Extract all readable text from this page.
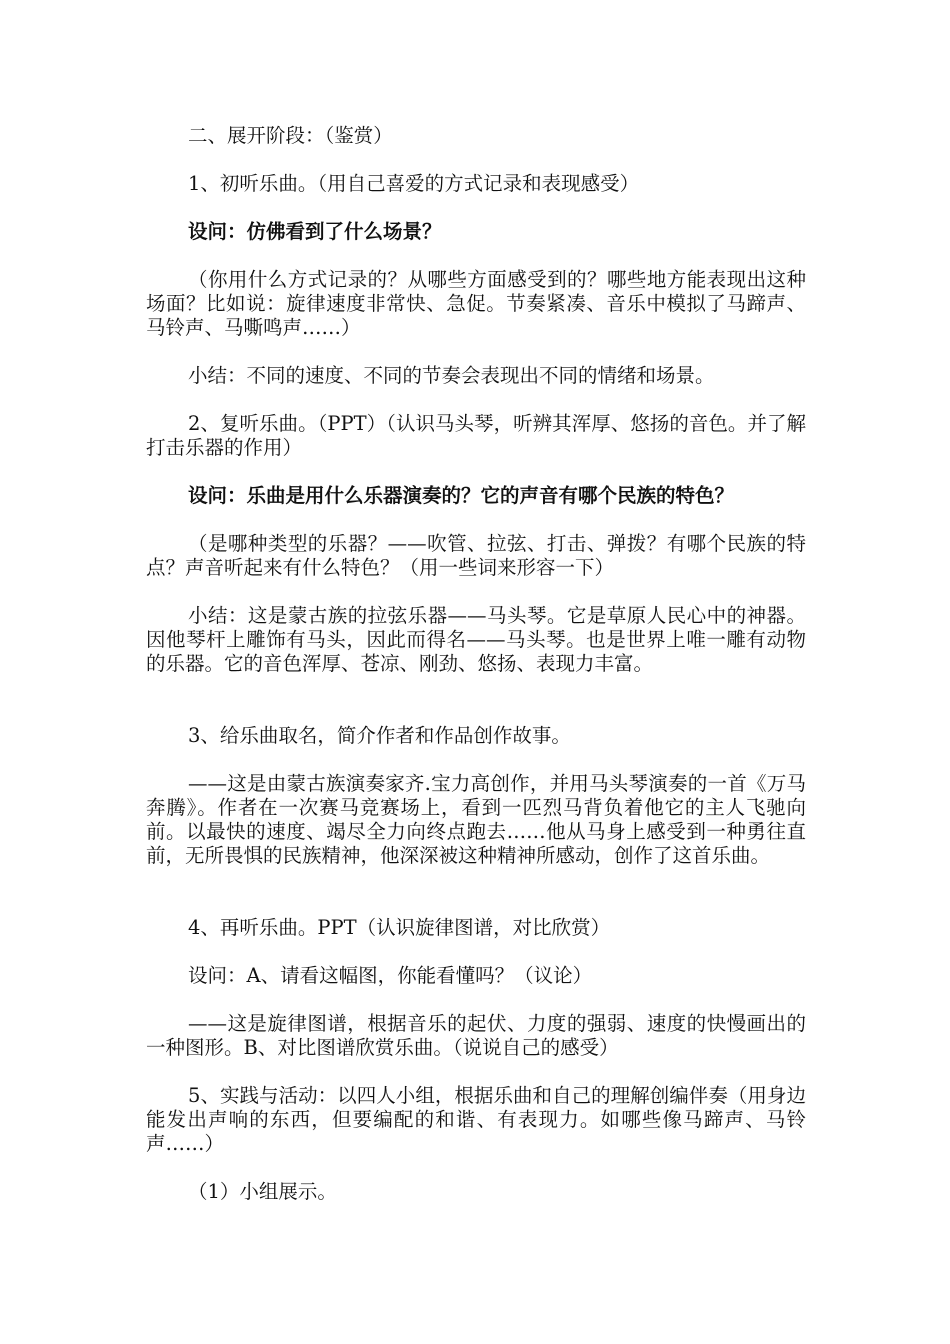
二、展开阶段：（鉴赏）

1、初听乐曲。（用自己喜爱的方式记录和表现感受）

设问：仿佛看到了什么场景？

（你用什么方式记录的？从哪些方面感受到的？哪些地方能表现出这种场面？比如说：旋律速度非常快、急促。节奏紧凑、音乐中模拟了马蹄声、马铃声、马嘶鸣声……）

小结：不同的速度、不同的节奏会表现出不同的情绪和场景。

2、复听乐曲。（PPT）（认识马头琴，听辨其浑厚、悠扬的音色。并了解打击乐器的作用）

设问：乐曲是用什么乐器演奏的？它的声音有哪个民族的特色？

（是哪种类型的乐器？——吹管、拉弦、打击、弹拨？有哪个民族的特点？声音听起来有什么特色？（用一些词来形容一下）

小结：这是蒙古族的拉弦乐器——马头琴。它是草原人民心中的神器。因他琴杆上雕饰有马头，因此而得名——马头琴。也是世界上唯一雕有动物的乐器。它的音色浑厚、苍凉、刚劲、悠扬、表现力丰富。

3、给乐曲取名，简介作者和作品创作故事。

——这是由蒙古族演奏家齐.宝力高创作，并用马头琴演奏的一首《万马奔腾》。作者在一次赛马竞赛场上，看到一匹烈马背负着他它的主人飞驰向前。以最快的速度、竭尽全力向终点跑去……他从马身上感受到一种勇往直前，无所畏惧的民族精神，他深深被这种精神所感动，创作了这首乐曲。

4、再听乐曲。PPT（认识旋律图谱，对比欣赏）

设问：A、请看这幅图，你能看懂吗？（议论）

——这是旋律图谱，根据音乐的起伏、力度的强弱、速度的快慢画出的一种图形。B、对比图谱欣赏乐曲。（说说自己的感受）

5、实践与活动：以四人小组，根据乐曲和自己的理解创编伴奏（用身边能发出声响的东西，但要编配的和谐、有表现力。如哪些像马蹄声、马铃声……）

（1）小组展示。
